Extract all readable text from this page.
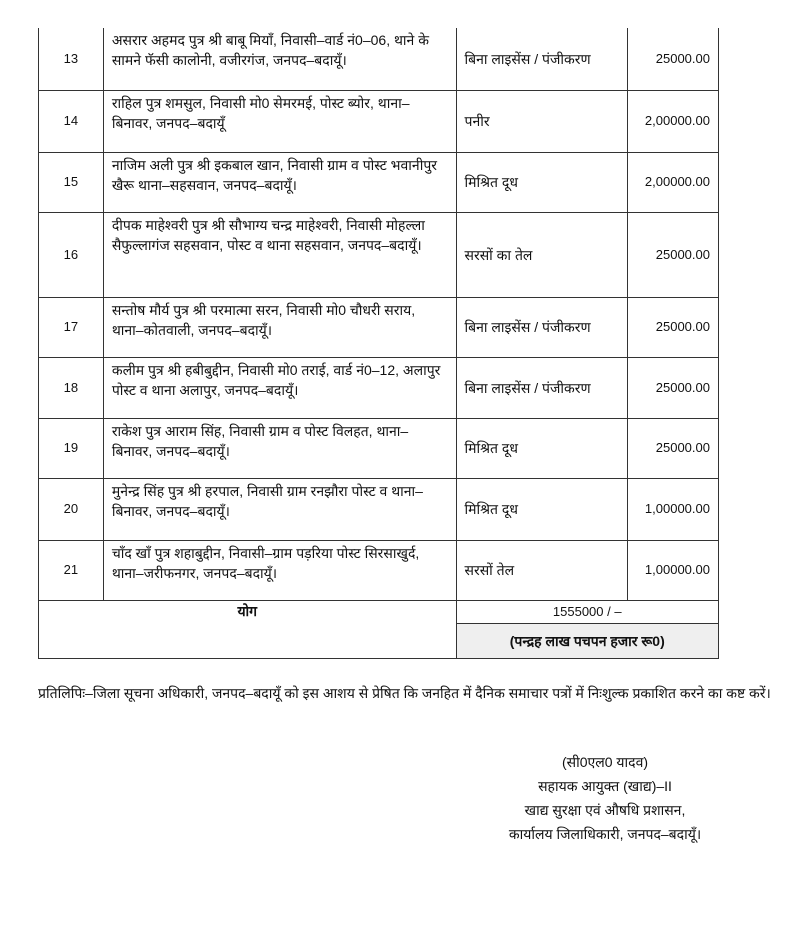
13	असरार अहमद पुत्र श्री बाबू मियाँ, निवासी–वार्ड नं0–06, थाने के सामने फॅसी कालोनी, वजीरगंज, जनपद–बदायूँ।	बिना लाइसेंस / पंजीकरण	25000.00
14	राहिल पुत्र शमसुल, निवासी मो0 सेमरमई, पोस्ट ब्योर, थाना–बिनावर, जनपद–बदायूँ	पनीर	2,00000.00
15	नाजिम अली पुत्र श्री इकबाल खान, निवासी ग्राम व पोस्ट भवानीपुर खैरू थाना–सहसवान, जनपद–बदायूँ।	मिश्रित दूध	2,00000.00
16	दीपक माहेश्वरी पुत्र श्री सौभाग्य चन्द्र माहेश्वरी, निवासी मोहल्ला सैफुल्लागंज सहसवान, पोस्ट व थाना सहसवान, जनपद–बदायूँ।	सरसों का तेल	25000.00
17	सन्तोष मौर्य पुत्र श्री परमात्मा सरन, निवासी मो0 चौधरी सराय, थाना–कोतवाली, जनपद–बदायूँ।	बिना लाइसेंस / पंजीकरण	25000.00
18	कलीम पुत्र श्री हबीबुद्दीन, निवासी मो0 तराई, वार्ड नं0–12, अलापुर पोस्ट व थाना अलापुर, जनपद–बदायूँ।	बिना लाइसेंस / पंजीकरण	25000.00
19	राकेश पुत्र आराम सिंह, निवासी ग्राम व पोस्ट विलहत, थाना–बिनावर, जनपद–बदायूँ।	मिश्रित दूध	25000.00
20	मुनेन्द्र सिंह पुत्र श्री हरपाल, निवासी ग्राम रनझौरा पोस्ट व थाना–बिनावर, जनपद–बदायूँ।	मिश्रित दूध	1,00000.00
21	चाँद खाँ पुत्र शहाबुद्दीन, निवासी–ग्राम पड़रिया पोस्ट सिरसाखुर्द, थाना–जरीफनगर, जनपद–बदायूँ।	सरसों तेल	1,00000.00
योग		1555000 / –	
		(पन्द्रह लाख पचपन हजार रू0)	
प्रतिलिपिः–जिला सूचना अधिकारी, जनपद–बदायूँ को इस आशय से प्रेषित कि जनहित में दैनिक समाचार पत्रों में निःशुल्क प्रकाशित करने का कष्ट करें।
(सी0एल0 यादव)
सहायक आयुक्त (खाद्य)–II
खाद्य सुरक्षा एवं औषधि प्रशासन,
कार्यालय जिलाधिकारी, जनपद–बदायूँ।
